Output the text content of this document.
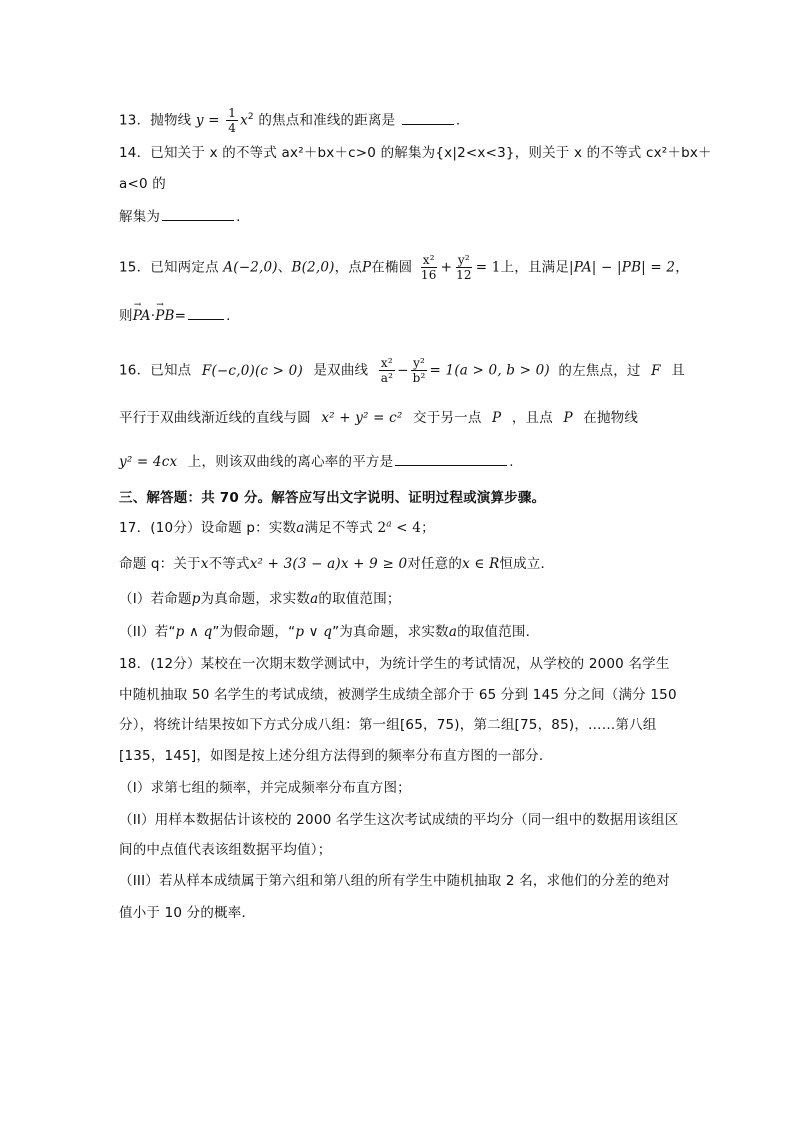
13．抛物线 $y = \frac{1}{4} x^2$ 的焦点和准线的距离是	.
14．已知关于 x 的不等式 ax²＋bx＋c>0 的解集为{x|2<x<3}，则关于 x 的不等式 cx²＋bx＋
a<0 的
解集为	.
15．已知两定点 A(−2,0)、B(2,0)，点P在椭圆 $\frac{\text{x²}}{16} + \frac{\text{y²}}{12} = 1$上，且满足|PA| − |PB| = 2，
则→ PA·→ PB=	.
16．已知点 F(−c,0)(c > 0) 是双曲线 $\frac{\text{x²}}{\text{a²}} - \frac{\text{y²}}{\text{b²}} = 1(a > 0$, b > 0) 的左焦点，过 F 且
平行于双曲线渐近线的直线与圆 x² + y² = c² 交于另一点 P ，且点 P 在抛物线
y² = 4cx 上，则该双曲线的离心率的平方是	.
三、解答题：共 70 分。解答应写出文字说明、证明过程或演算步骤。
17．(10分）设命题 p：实数a满足不等式 $2^a < 4$；
命题 q：关于x不等式x² + 3(3 − a)x + 9 ≥ 0对任意的x ∈ R恒成立．
（I）若命题p为真命题，求实数a的取值范围；
（II）若“p ∧ q”为假命题，“p ∨ q”为真命题，求实数a的取值范围.
18．(12分）某校在一次期末数学测试中，为统计学生的考试情况，从学校的 2000 名学生
中随机抽取 50 名学生的考试成绩，被测学生成绩全部介于 65 分到 145 分之间（满分 150
分），将统计结果按如下方式分成八组：第一组[65，75)，第二组[75，85)，……第八组
[135，145]，如图是按上述分组方法得到的频率分布直方图的一部分．
（I）求第七组的频率，并完成频率分布直方图；
（II）用样本数据估计该校的 2000 名学生这次考试成绩的平均分（同一组中的数据用该组区
间的中点值代表该组数据平均值）；
（III）若从样本成绩属于第六组和第八组的所有学生中随机抽取 2 名，求他们的分差的绝对
值小于 10 分的概率．
